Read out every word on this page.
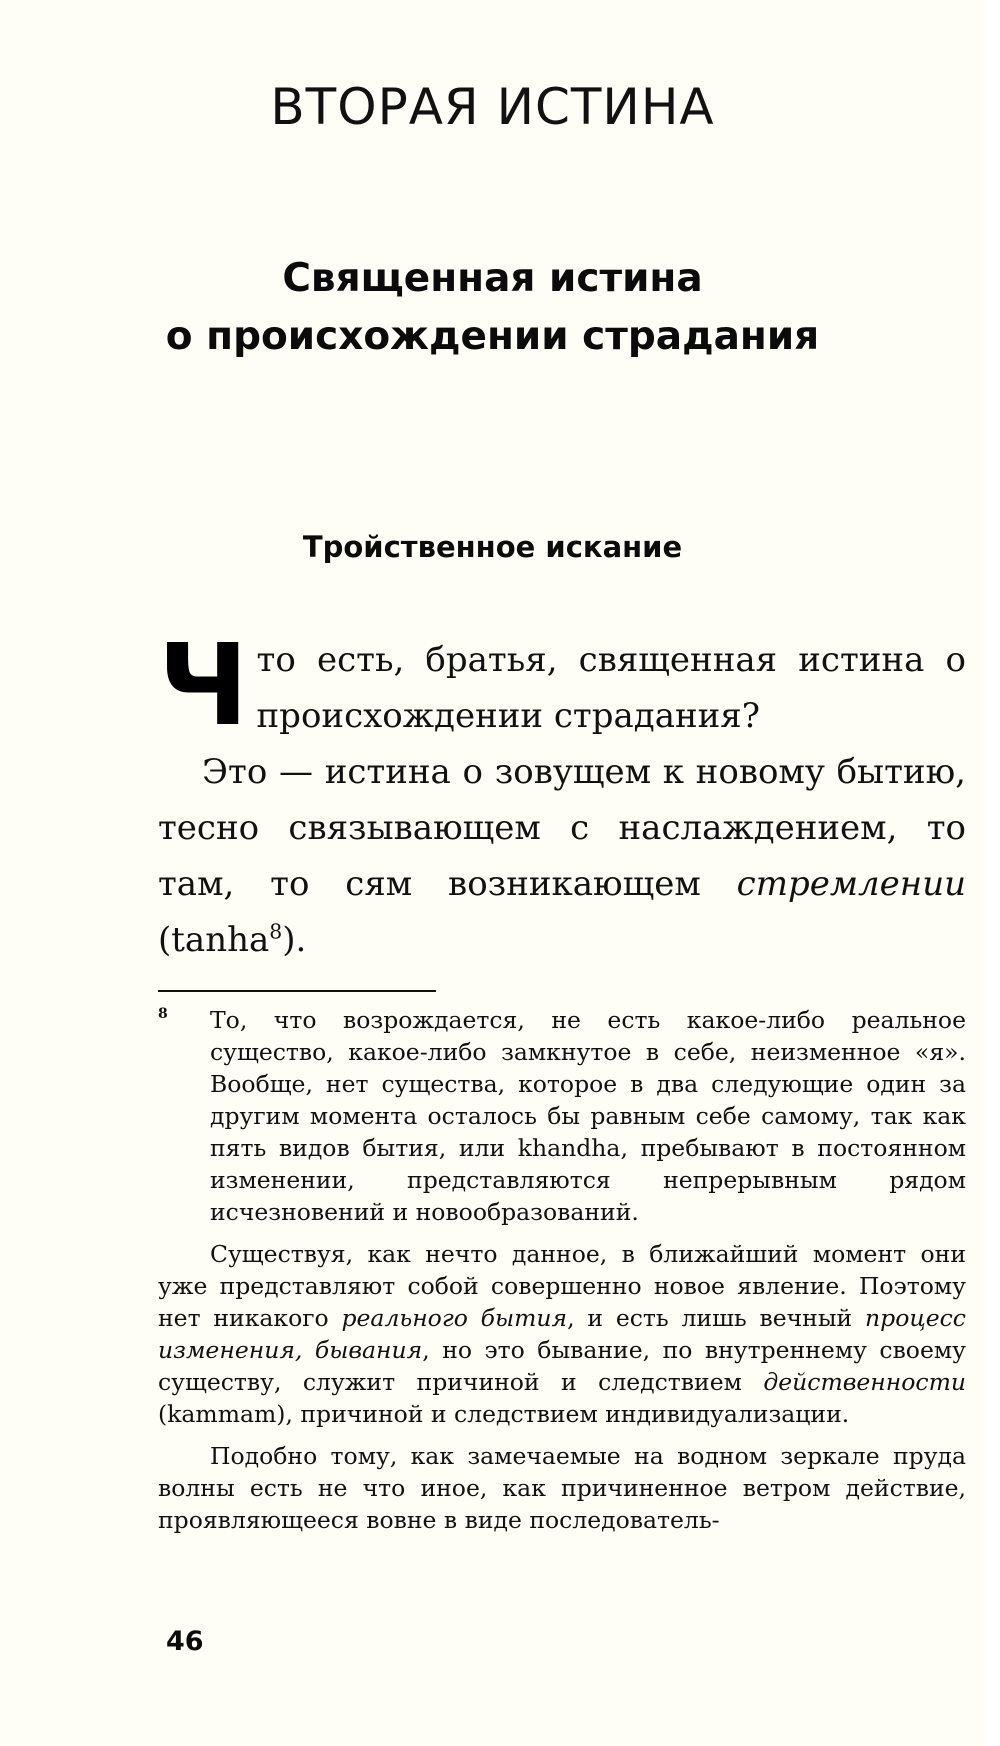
ВТОРАЯ ИСТИНА
Священная истина
о происхождении страдания
Тройственное искание

Что есть, братья, священная истина о происхождении страдания?

Это — истина о зовущем к новому бытию, тесно связывающем с наслаждением, то там, то сям возникающем стремлении (tanha$^8$).

8 То, что возрождается, не есть какое-либо реальное существо, какое-либо замкнутое в себе, неизменное «я». Вообще, нет существа, которое в два следующие один за другим момента осталось бы равным себе самому, так как пять видов бытия, или khandha, пребывают в постоянном изменении, представляются непрерывным рядом исчезновений и новообразований.

Существуя, как нечто данное, в ближайший момент они уже представляют собой совершенно новое явление. Поэтому нет никакого реального бытия, и есть лишь вечный процесс изменения, бывания, но это бывание, по внутреннему своему существу, служит причиной и следствием действенности (kammam), причиной и следствием индивидуализации.

Подобно тому, как замечаемые на водном зеркале пруда волны есть не что иное, как причиненное ветром действие, проявляющееся вовне в виде последователь-

46
